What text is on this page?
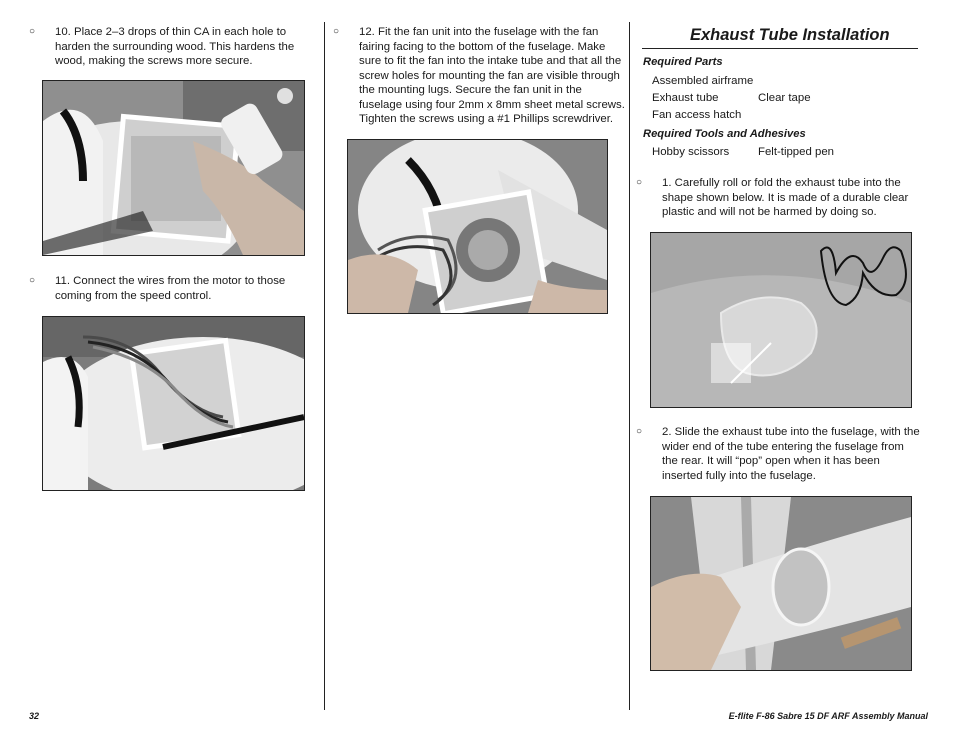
○ 10. Place 2–3 drops of thin CA in each hole to harden the surrounding wood. This hardens the wood, making the screws more secure.
○ 11. Connect the wires from the motor to those coming from the speed control.
○ 12. Fit the fan unit into the fuselage with the fan fairing facing to the bottom of the fuselage. Make sure to fit the fan into the intake tube and that all the screw holes for mounting the fan are visible through the mounting lugs. Secure the fan unit in the fuselage using four 2mm x 8mm sheet metal screws. Tighten the screws using a #1 Phillips screwdriver.
Exhaust Tube Installation
Required Parts
Assembled airframe
Exhaust tube	Clear tape
Fan access hatch
Required Tools and Adhesives
Hobby scissors	Felt-tipped pen
○ 1. Carefully roll or fold the exhaust tube into the shape shown below. It is made of a durable clear plastic and will not be harmed by doing so.
○ 2. Slide the exhaust tube into the fuselage, with the wider end of the tube entering the fuselage from the rear. It will “pop” open when it has been inserted fully into the fuselage.
32	E-flite F-86 Sabre 15 DF ARF Assembly Manual
